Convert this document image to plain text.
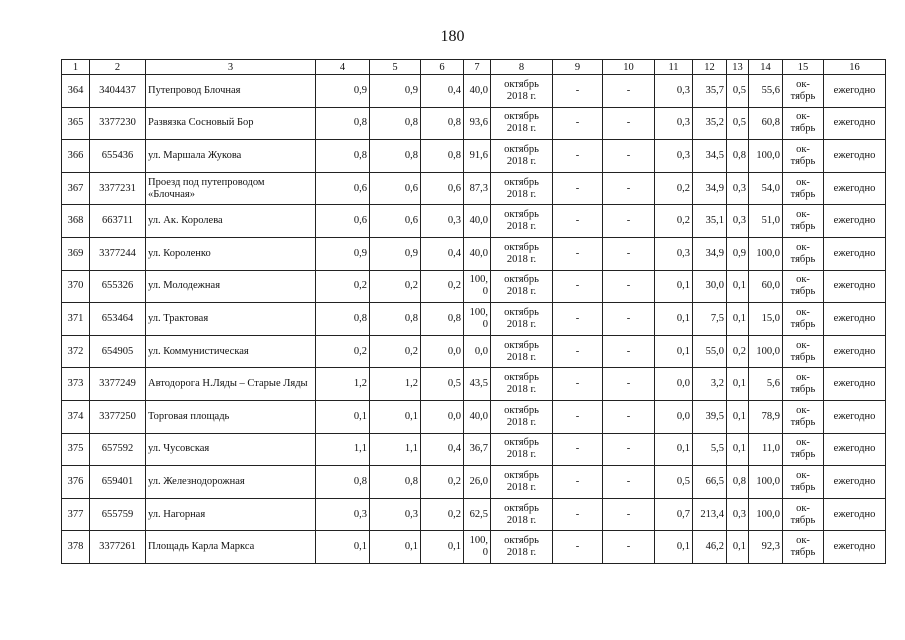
180
1	2	3	4	5	6	7	8	9	10	11	12	13	14	15	16
364	3404437	Путепровод Блочная	0,9	0,9	0,4	40,0	октябрь 2018 г.	-	-	0,3	35,7	0,5	55,6	ок-тябрь	ежегодно
365	3377230	Развязка Сосновый Бор	0,8	0,8	0,8	93,6	октябрь 2018 г.	-	-	0,3	35,2	0,5	60,8	ок-тябрь	ежегодно
366	655436	ул. Маршала Жукова	0,8	0,8	0,8	91,6	октябрь 2018 г.	-	-	0,3	34,5	0,8	100,0	ок-тябрь	ежегодно
367	3377231	Проезд под путепроводом «Блочная»	0,6	0,6	0,6	87,3	октябрь 2018 г.	-	-	0,2	34,9	0,3	54,0	ок-тябрь	ежегодно
368	663711	ул. Ак. Королева	0,6	0,6	0,3	40,0	октябрь 2018 г.	-	-	0,2	35,1	0,3	51,0	ок-тябрь	ежегодно
369	3377244	ул. Короленко	0,9	0,9	0,4	40,0	октябрь 2018 г.	-	-	0,3	34,9	0,9	100,0	ок-тябрь	ежегодно
370	655326	ул. Молодежная	0,2	0,2	0,2	100, 0	октябрь 2018 г.	-	-	0,1	30,0	0,1	60,0	ок-тябрь	ежегодно
371	653464	ул. Трактовая	0,8	0,8	0,8	100, 0	октябрь 2018 г.	-	-	0,1	7,5	0,1	15,0	ок-тябрь	ежегодно
372	654905	ул. Коммунистическая	0,2	0,2	0,0	0,0	октябрь 2018 г.	-	-	0,1	55,0	0,2	100,0	ок-тябрь	ежегодно
373	3377249	Автодорога Н.Ляды – Старые Ляды	1,2	1,2	0,5	43,5	октябрь 2018 г.	-	-	0,0	3,2	0,1	5,6	ок-тябрь	ежегодно
374	3377250	Торговая площадь	0,1	0,1	0,0	40,0	октябрь 2018 г.	-	-	0,0	39,5	0,1	78,9	ок-тябрь	ежегодно
375	657592	ул. Чусовская	1,1	1,1	0,4	36,7	октябрь 2018 г.	-	-	0,1	5,5	0,1	11,0	ок-тябрь	ежегодно
376	659401	ул. Железнодорожная	0,8	0,8	0,2	26,0	октябрь 2018 г.	-	-	0,5	66,5	0,8	100,0	ок-тябрь	ежегодно
377	655759	ул. Нагорная	0,3	0,3	0,2	62,5	октябрь 2018 г.	-	-	0,7	213,4	0,3	100,0	ок-тябрь	ежегодно
378	3377261	Площадь Карла Маркса	0,1	0,1	0,1	100, 0	октябрь 2018 г.	-	-	0,1	46,2	0,1	92,3	ок-тябрь	ежегодно
